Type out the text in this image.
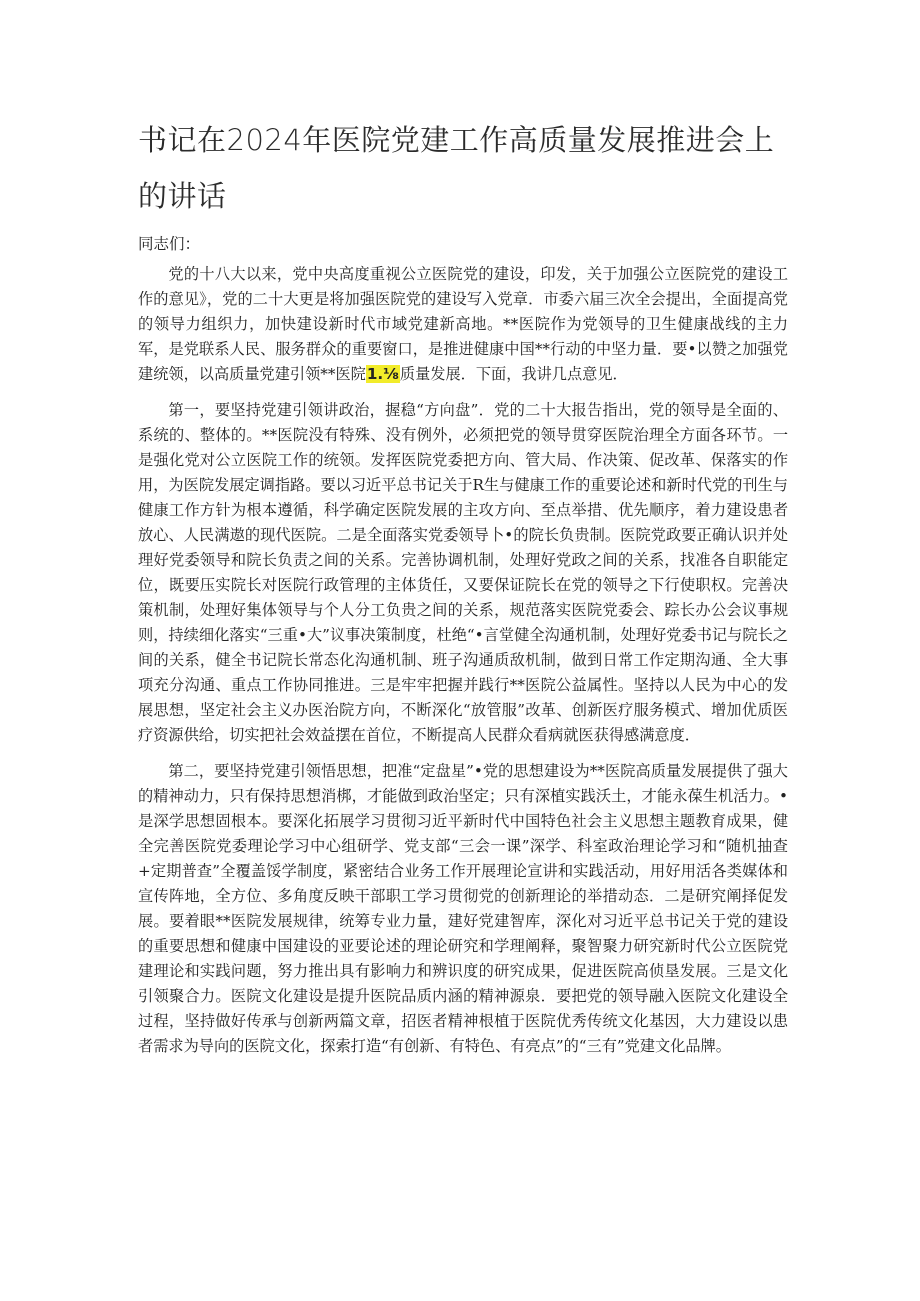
书记在2024年医院党建工作高质量发展推进会上的讲话

同志们：

党的十八大以来，党中央高度重视公立医院党的建设，印发，关于加强公立医院党的建设工作的意见》，党的二十大更是将加强医院党的建设写入党章．市委六届三次全会提出，全面提高党的领导力组织力，加快建设新时代市域党建新高地。**医院作为党领导的卫生健康战线的主力军，是党联系人民、服务群众的重要窗口，是推进健康中国**行动的中坚力量．要•以赞之加强党建统领，以高质量党建引领**医院1.⅛质量发展．下面，我讲几点意见．

第一，要坚持党建引领讲政治，握稳“方向盘”．党的二十大报告指出，党的领导是全面的、系统的、整体的。**医院没有特殊、没有例外，必须把党的领导贯穿医院治理全方面各环节。一是强化党对公立医院工作的统领。发挥医院党委把方向、管大局、作决策、促改革、保落实的作用，为医院发展定调指路。要以习近平总书记关于R生与健康工作的重要论述和新时代党的刊生与健康工作方针为根本遵循，科学确定医院发展的主攻方向、至点举措、优先顺序，着力建设患者放心、人民满遨的现代医院。二是全面落实党委领导卜•的院长负贵制。医院党政要正确认识并处理好党委领导和院长负责之间的关系。完善协调机制，处理好党政之间的关系，找准各自职能定位，既要压实院长对医院行政管理的主体货任，又要保证院长在党的领导之下行使职权。完善决策机制，处理好集体领导与个人分工负贵之间的关系，规范落实医院党委会、踪长办公会议事规则，持续细化落实“三重•大”议事决策制度，杜绝“•言堂健全沟通机制，处理好党委书记与院长之间的关系，健全书记院长常态化沟通机制、班子沟通质敌机制，做到日常工作定期沟通、全大事项充分沟通、重点工作协同推进。三是牢牢把握并践行**医院公益属性。坚持以人民为中心的发展思想，坚定社会主义办医治院方向，不断深化“放管服”改革、创新医疗服务模式、增加优质医疗资源供给，切实把社会效益摆在首位，不断提高人民群众看病就医获得感满意度．

第二，要坚持党建引领悟思想，把准“定盘星”•党的思想建设为**医院高质量发展提供了强大的精神动力，只有保持思想消梆，才能做到政治坚定；只有深植实践沃土，才能永葆生机活力。•是深学思想固根本。要深化拓展学习贯彻习近平新时代中国特色社会主义思想主题教育成果，健全完善医院党委理论学习中心组研学、党支部“三会一课”深学、科室政治理论学习和“随机抽查+定期普查”全覆盖馁学制度，紧密结合业务工作开展理论宣讲和实践活动，用好用活各类媒体和宣传阵地，全方位、多角度反映干部职工学习贯彻党的创新理论的举措动态．二是研究阐择促发展。要着眼**医院发展规律，统筹专业力量，建好党建智库，深化对习近平总书记关于党的建设的重要思想和健康中国建设的亚要论述的理论研究和学理阐释，聚智聚力研究新时代公立医院党建理论和实践问题，努力推出具有影响力和辨识度的研究成果，促进医院高侦垦发展。三是文化引领聚合力。医院文化建设是提升医院品质内涵的精神源泉．要把党的领导融入医院文化建设全过程，坚持做好传承与创新两篇文章，招医者精神根植于医院优秀传统文化基因，大力建设以患者需求为导向的医院文化，探索打造“有创新、有特色、有亮点”的“三有”党建文化品牌。
